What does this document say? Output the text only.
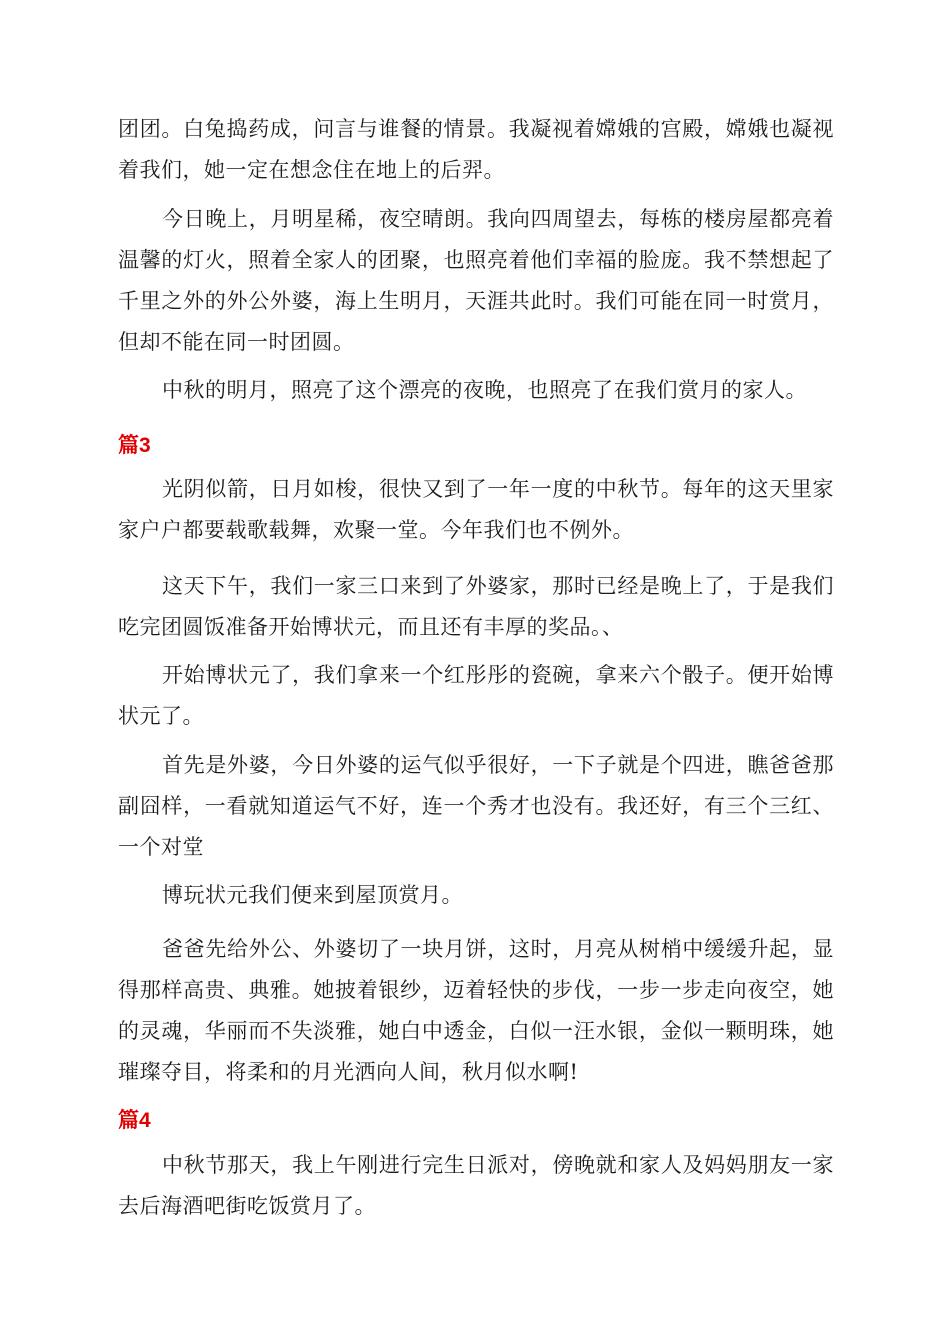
团团。白兔捣药成，问言与谁餐的情景。我凝视着嫦娥的宫殿，嫦娥也凝视着我们，她一定在想念住在地上的后羿。

今日晚上，月明星稀，夜空晴朗。我向四周望去，每栋的楼房屋都亮着温馨的灯火，照着全家人的团聚，也照亮着他们幸福的脸庞。我不禁想起了千里之外的外公外婆，海上生明月，天涯共此时。我们可能在同一时赏月，但却不能在同一时团圆。

中秋的明月，照亮了这个漂亮的夜晚，也照亮了在我们赏月的家人。

篇3

光阴似箭，日月如梭，很快又到了一年一度的中秋节。每年的这天里家家户户都要载歌载舞，欢聚一堂。今年我们也不例外。

这天下午，我们一家三口来到了外婆家，那时已经是晚上了，于是我们吃完团圆饭准备开始博状元，而且还有丰厚的奖品。、

开始博状元了，我们拿来一个红彤彤的瓷碗，拿来六个骰子。便开始博状元了。

首先是外婆，今日外婆的运气似乎很好，一下子就是个四进，瞧爸爸那副囧样，一看就知道运气不好，连一个秀才也没有。我还好，有三个三红、一个对堂

博玩状元我们便来到屋顶赏月。

爸爸先给外公、外婆切了一块月饼，这时，月亮从树梢中缓缓升起，显得那样高贵、典雅。她披着银纱，迈着轻快的步伐，一步一步走向夜空，她的灵魂，华丽而不失淡雅，她白中透金，白似一汪水银，金似一颗明珠，她璀璨夺目，将柔和的月光洒向人间，秋月似水啊!

篇4

中秋节那天，我上午刚进行完生日派对，傍晚就和家人及妈妈朋友一家去后海酒吧街吃饭赏月了。
